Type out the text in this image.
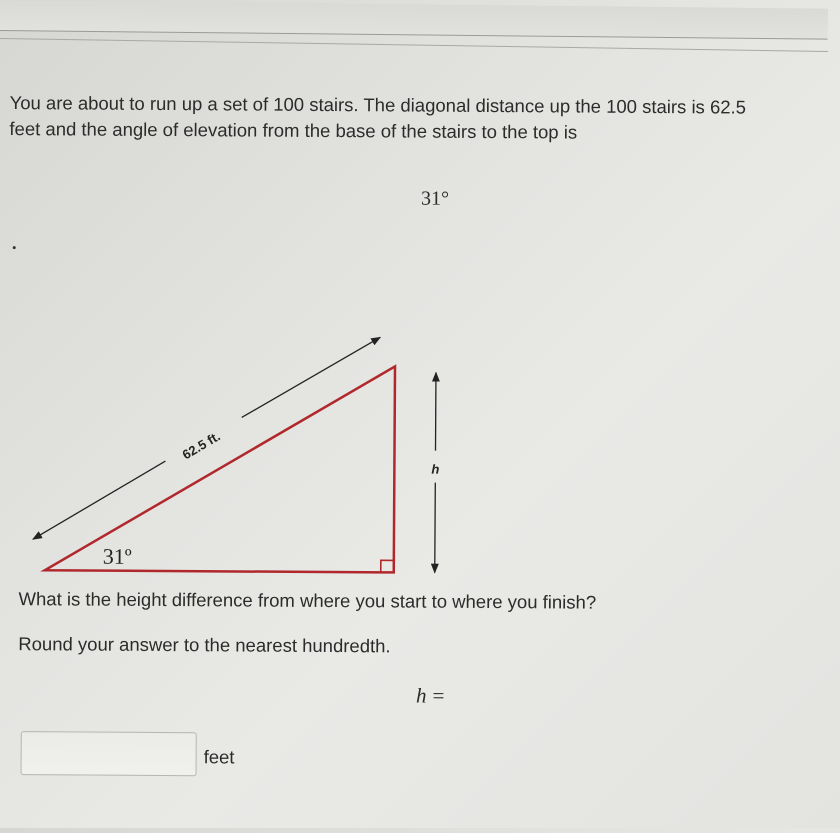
You are about to run up a set of 100 stairs. The diagonal distance up the 100 stairs is 62.5
feet and the angle of elevation from the base of the stairs to the top is
31°
62.5 ft.
h
31º
What is the height difference from where you start to where you finish?
Round your answer to the nearest hundredth.
h =
feet
